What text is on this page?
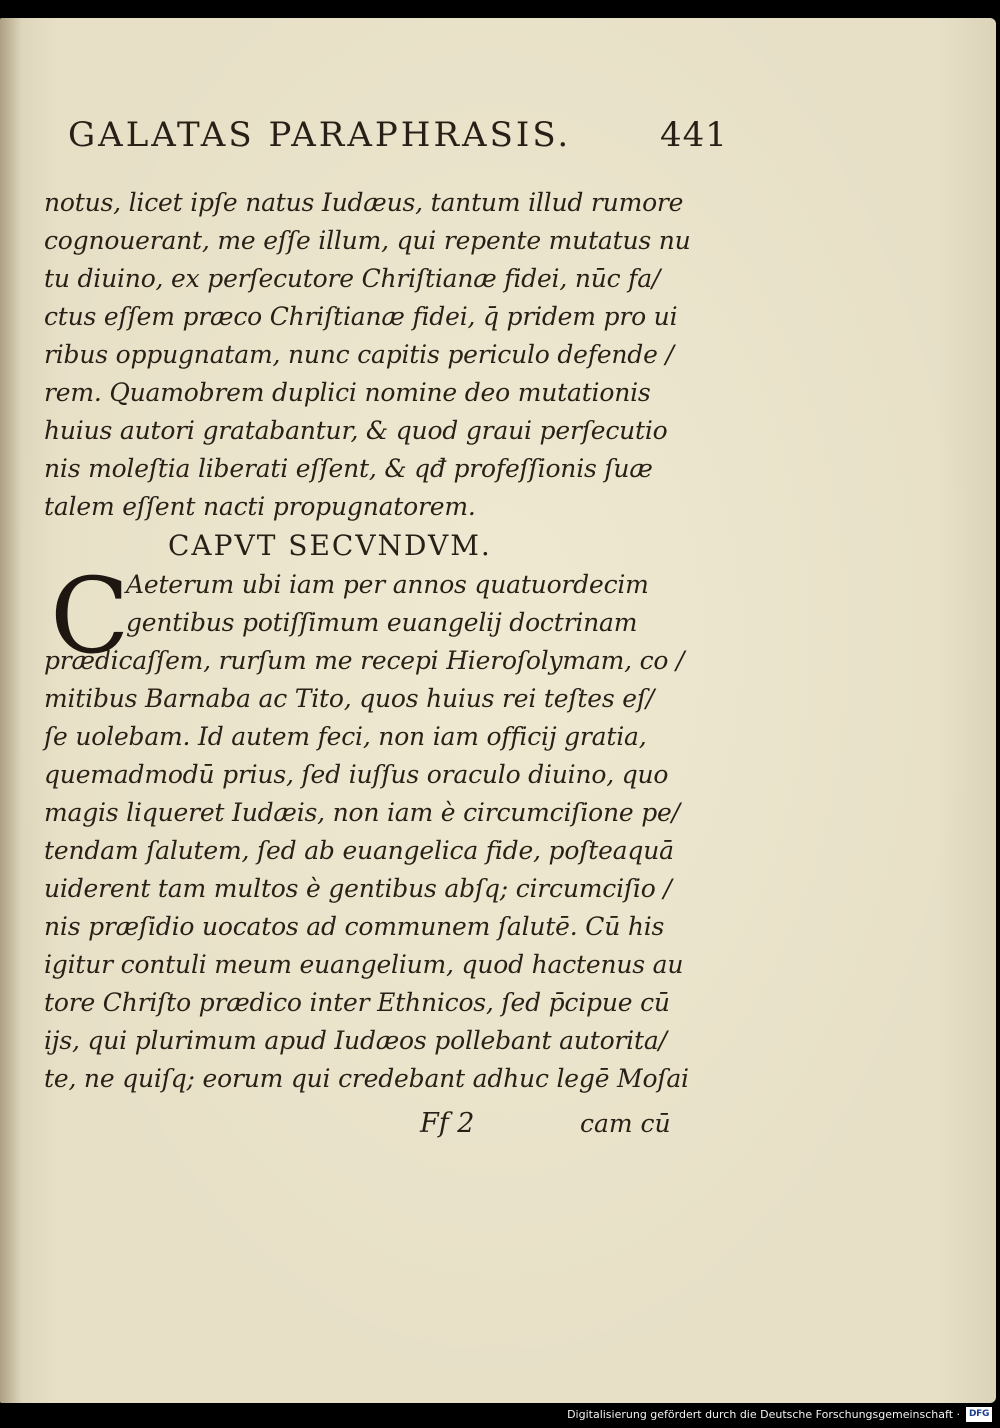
GALATAS PARAPHRASIS.	441
notus, licet ipſe natus Iudæus, tantum illud rumore
cognouerant, me eſſe illum, qui repente mutatus nu
tu diuino, ex perſecutore Chriſtianæ fidei, nūc fa/
ctus eſſem præco Chriſtianæ fidei, q̄ pridem pro ui
ribus oppugnatam, nunc capitis periculo defende /
rem. Quamobrem duplici nomine deo mutationis
huius autori gratabantur, & quod graui perſecutio
nis moleſtia liberati eſſent, & qđ profeſſionis ſuæ
talem eſſent nacti propugnatorem.
CAPVT SECVNDVM.
C
Aeterum ubi iam per annos quatuordecim
gentibus potiſſimum euangelij doctrinam
prædicaſſem, rurſum me recepi Hieroſolymam, co /
mitibus Barnaba ac Tito, quos huius rei teſtes eſ/
ſe uolebam. Id autem feci, non iam officij gratia,
quemadmodū prius, ſed iuſſus oraculo diuino, quo
magis liqueret Iudæis, non iam è circumciſione pe/
tendam ſalutem, ſed ab euangelica fide, poſteaquā
uiderent tam multos è gentibus abſq; circumciſio /
nis præſidio uocatos ad communem ſalutē. Cū his
igitur contuli meum euangelium, quod hactenus au
tore Chriſto prædico inter Ethnicos, ſed p̄cipue cū
ijs, qui plurimum apud Iudæos pollebant autorita/
te, ne quiſq; eorum qui credebant adhuc legē Moſai
Ff 2	cam cū
Digitalisierung gefördert durch die Deutsche Forschungsgemeinschaft · DFG
